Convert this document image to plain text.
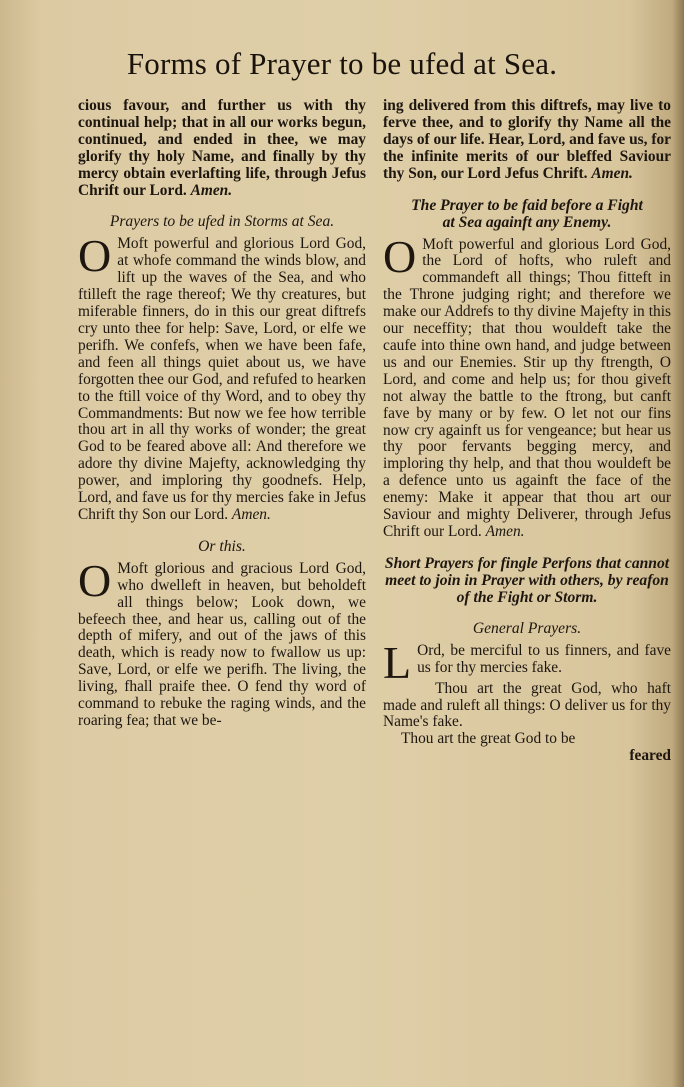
Forms of Prayer to be ufed at Sea.

cious favour, and further us with thy continual help; that in all our works begun, continued, and ended in thee, we may glorify thy holy Name, and finally by thy mercy obtain everlafting life, through Jefus Chrift our Lord. Amen.

Prayers to be ufed in Storms at Sea.

O Moft powerful and glorious Lord God, at whofe command the winds blow, and lift up the waves of the Sea, and who ftilleft the rage thereof; We thy creatures, but miferable finners, do in this our great diftrefs cry unto thee for help: Save, Lord, or elfe we perifh. We confefs, when we have been fafe, and feen all things quiet about us, we have forgotten thee our God, and refufed to hearken to the ftill voice of thy Word, and to obey thy Commandments: But now we fee how terrible thou art in all thy works of wonder; the great God to be feared above all: And therefore we adore thy divine Majefty, acknowledging thy power, and imploring thy goodnefs. Help, Lord, and fave us for thy mercies fake in Jefus Chrift thy Son our Lord. Amen.

Or this.

O Moft glorious and gracious Lord God, who dwelleft in heaven, but beholdeft all things below; Look down, we befeech thee, and hear us, calling out of the depth of mifery, and out of the jaws of this death, which is ready now to fwallow us up: Save, Lord, or elfe we perifh. The living, the living, fhall praife thee. O fend thy word of command to rebuke the raging winds, and the roaring fea; that we be-

ing delivered from this diftrefs, may live to ferve thee, and to glorify thy Name all the days of our life. Hear, Lord, and fave us, for the infinite merits of our bleffed Saviour thy Son, our Lord Jefus Chrift. Amen.

The Prayer to be faid before a Fight
at Sea againft any Enemy.

O Moft powerful and glorious Lord God, the Lord of hofts, who ruleft and commandeft all things; Thou fitteft in the Throne judging right; and therefore we make our Addrefs to thy divine Majefty in this our neceffity; that thou wouldeft take the caufe into thine own hand, and judge between us and our Enemies. Stir up thy ftrength, O Lord, and come and help us; for thou giveft not alway the battle to the ftrong, but canft fave by many or by few. O let not our fins now cry againft us for vengeance; but hear us thy poor fervants begging mercy, and imploring thy help, and that thou wouldeft be a defence unto us againft the face of the enemy: Make it appear that thou art our Saviour and mighty Deliverer, through Jefus Chrift our Lord. Amen.

Short Prayers for fingle Perfons that cannot meet to join in Prayer with others, by reafon of the Fight or Storm.

General Prayers.

L Ord, be merciful to us finners, and fave us for thy mercies fake.

Thou art the great God, who haft made and ruleft all things: O deliver us for thy Name's fake.

Thou art the great God to be

feared
